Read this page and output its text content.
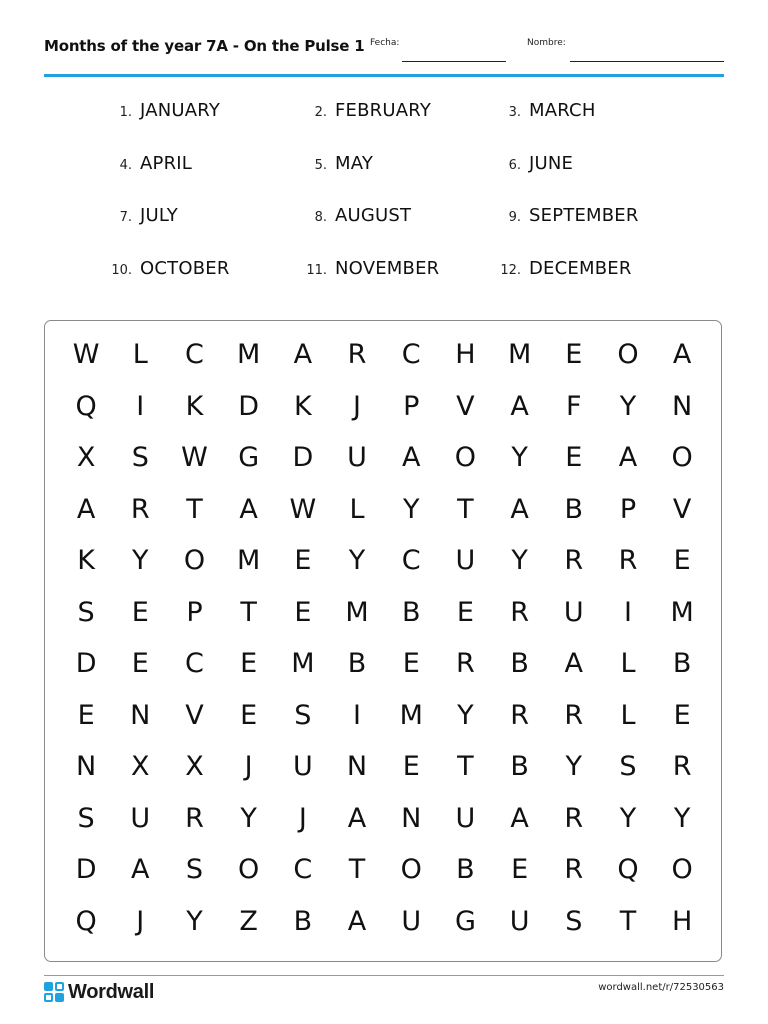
Months of the year 7A - On the Pulse 1 Fecha:	Nombre:
1. JANUARY	2. FEBRUARY	3. MARCH
4. APRIL	5. MAY	6. JUNE
7. JULY	8. AUGUST	9. SEPTEMBER
10. OCTOBER	11. NOVEMBER	12. DECEMBER
W	L	C	M	A	R	C	H	M	E	O	A
Q	I	K	D	K	J	P	V	A	F	Y	N
X	S	W	G	D	U	A	O	Y	E	A	O
A	R	T	A	W	L	Y	T	A	B	P	V
K	Y	O	M	E	Y	C	U	Y	R	R	E
S	E	P	T	E	M	B	E	R	U	I	M
D	E	C	E	M	B	E	R	B	A	L	B
E	N	V	E	S	I	M	Y	R	R	L	E
N	X	X	J	U	N	E	T	B	Y	S	R
S	U	R	Y	J	A	N	U	A	R	Y	Y
D	A	S	O	C	T	O	B	E	R	Q	O
Q	J	Y	Z	B	A	U	G	U	S	T	H
Wordwall	wordwall.net/r/72530563
